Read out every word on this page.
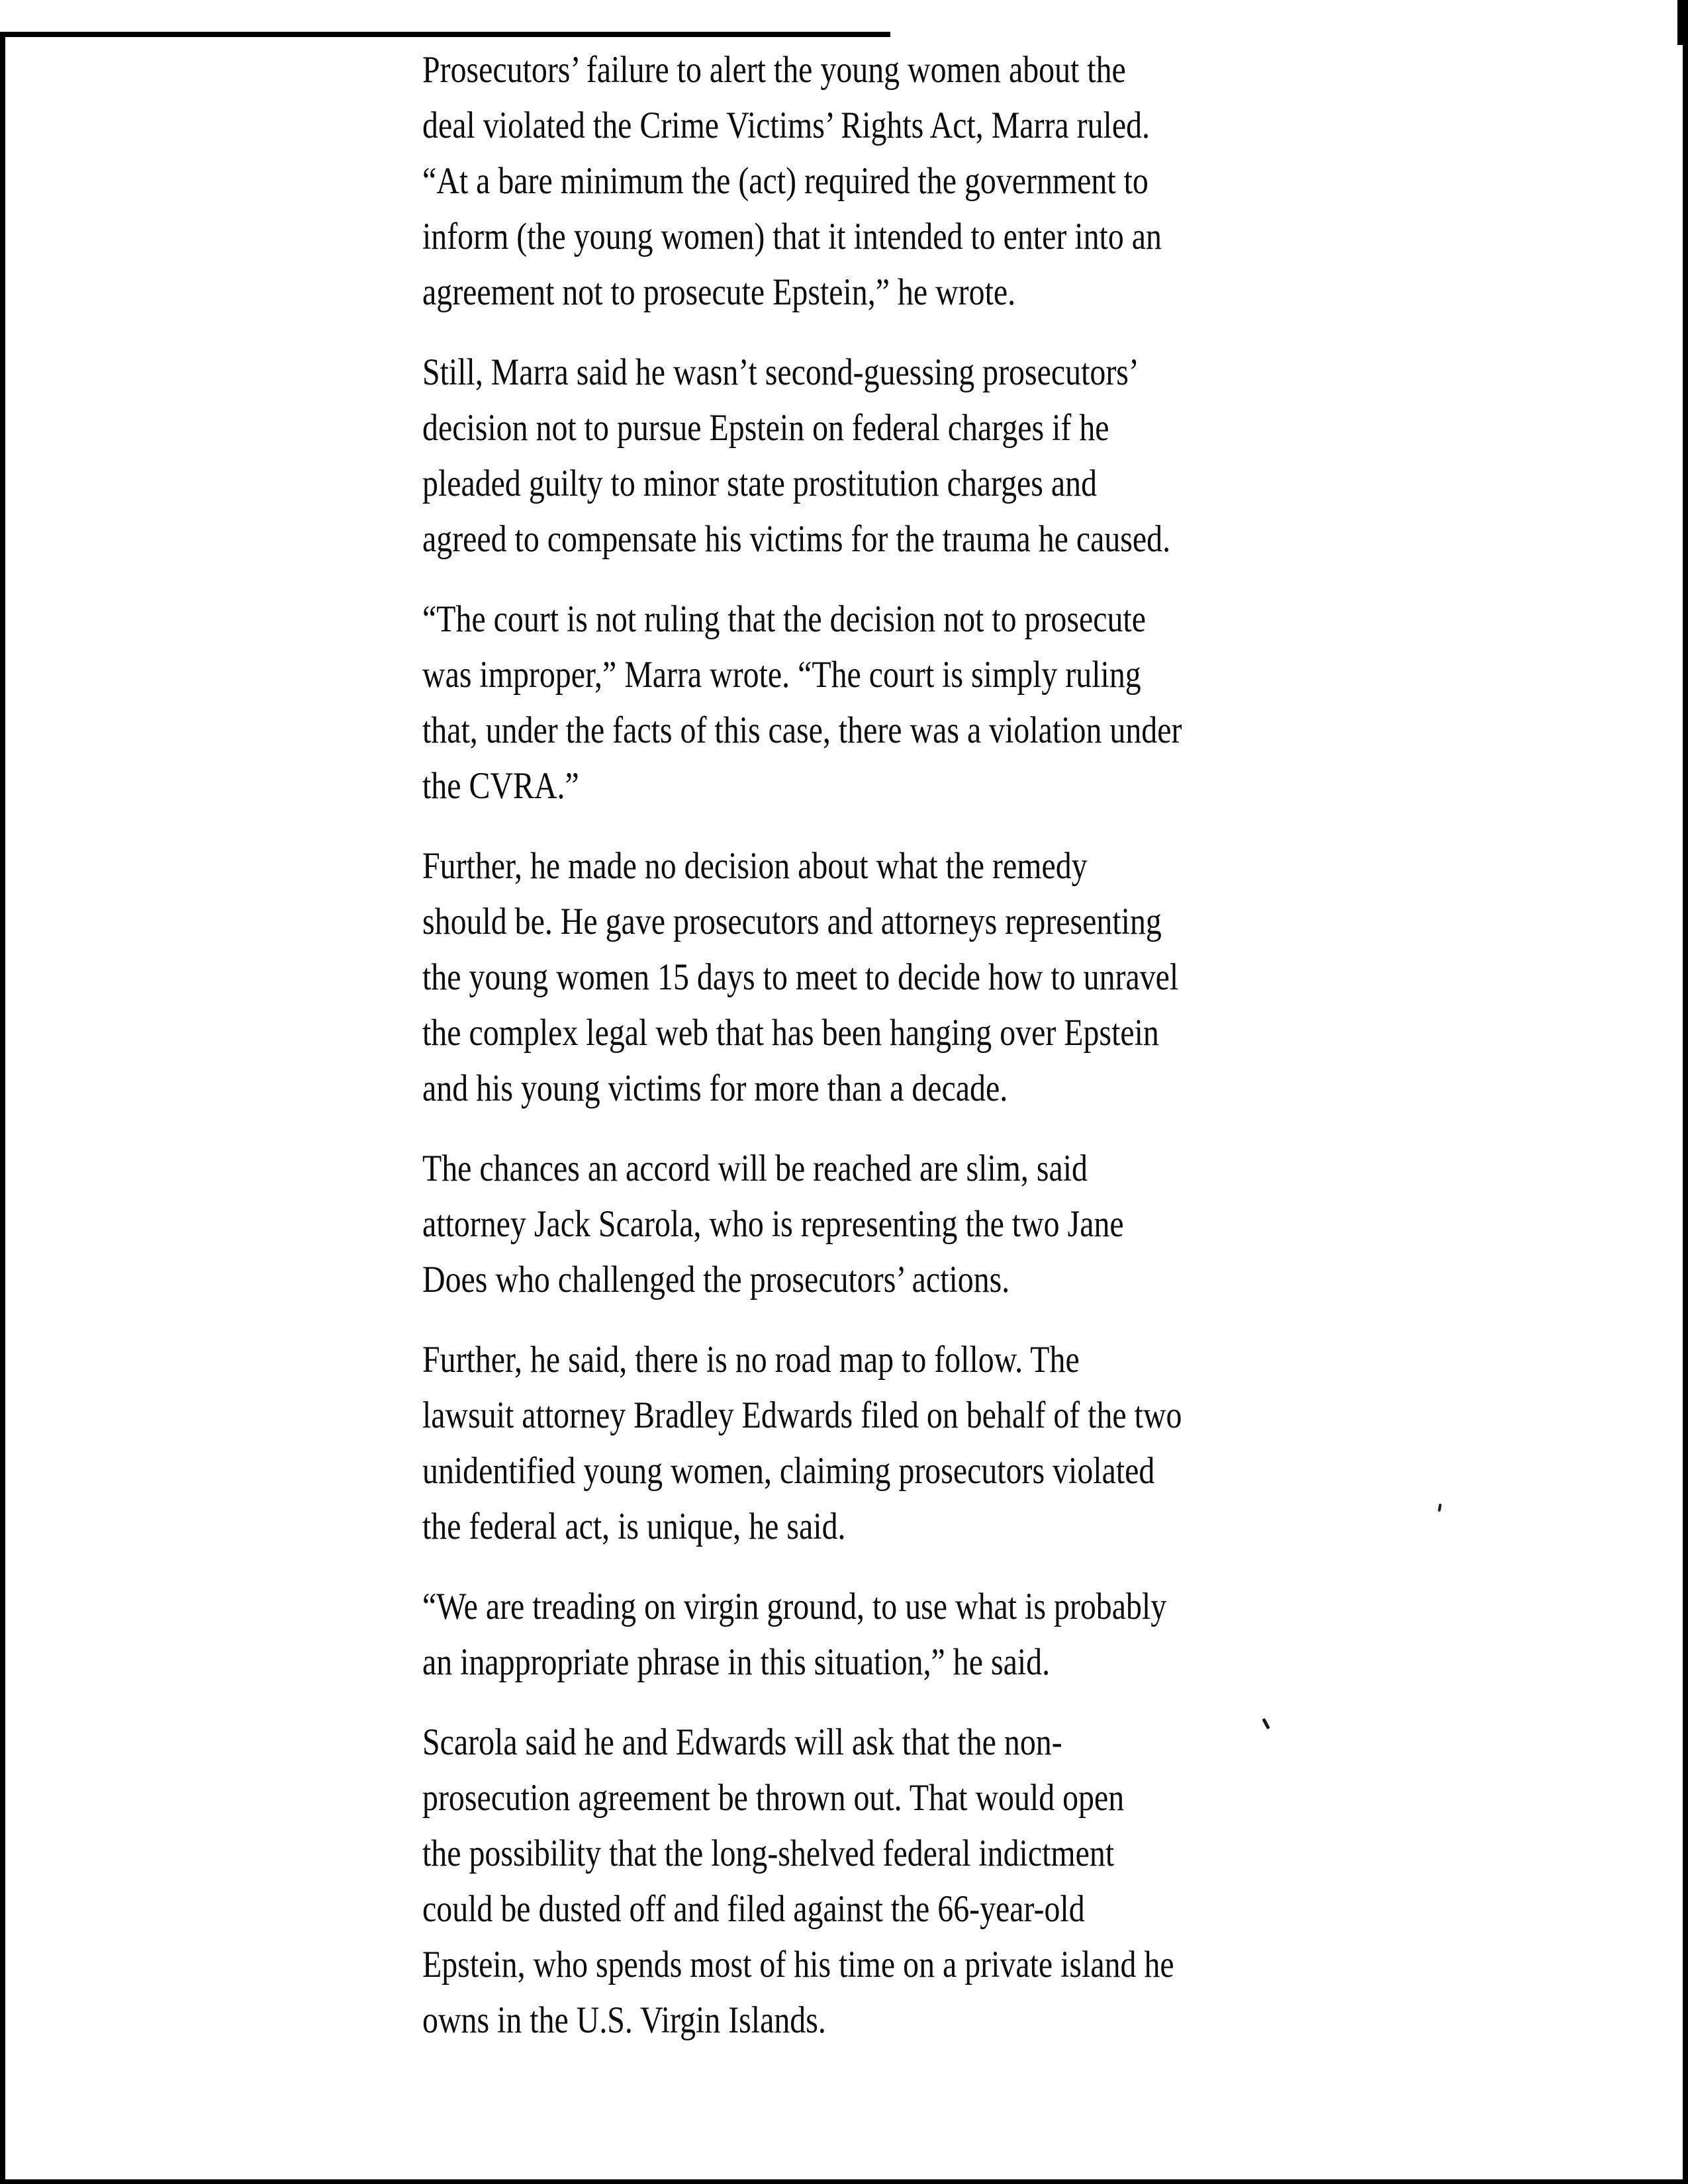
Prosecutors’ failure to alert the young women about the
deal violated the Crime Victims’ Rights Act, Marra ruled.
“At a bare minimum the (act) required the government to
inform (the young women) that it intended to enter into an
agreement not to prosecute Epstein,” he wrote.
Still, Marra said he wasn’t second-guessing prosecutors’
decision not to pursue Epstein on federal charges if he
pleaded guilty to minor state prostitution charges and
agreed to compensate his victims for the trauma he caused.
“The court is not ruling that the decision not to prosecute
was improper,” Marra wrote. “The court is simply ruling
that, under the facts of this case, there was a violation under
the CVRA.”
Further, he made no decision about what the remedy
should be. He gave prosecutors and attorneys representing
the young women 15 days to meet to decide how to unravel
the complex legal web that has been hanging over Epstein
and his young victims for more than a decade.
The chances an accord will be reached are slim, said
attorney Jack Scarola, who is representing the two Jane
Does who challenged the prosecutors’ actions.
Further, he said, there is no road map to follow. The
lawsuit attorney Bradley Edwards filed on behalf of the two
unidentified young women, claiming prosecutors violated
the federal act, is unique, he said.
“We are treading on virgin ground, to use what is probably
an inappropriate phrase in this situation,” he said.
Scarola said he and Edwards will ask that the non-
prosecution agreement be thrown out. That would open
the possibility that the long-shelved federal indictment
could be dusted off and filed against the 66-year-old
Epstein, who spends most of his time on a private island he
owns in the U.S. Virgin Islands.
